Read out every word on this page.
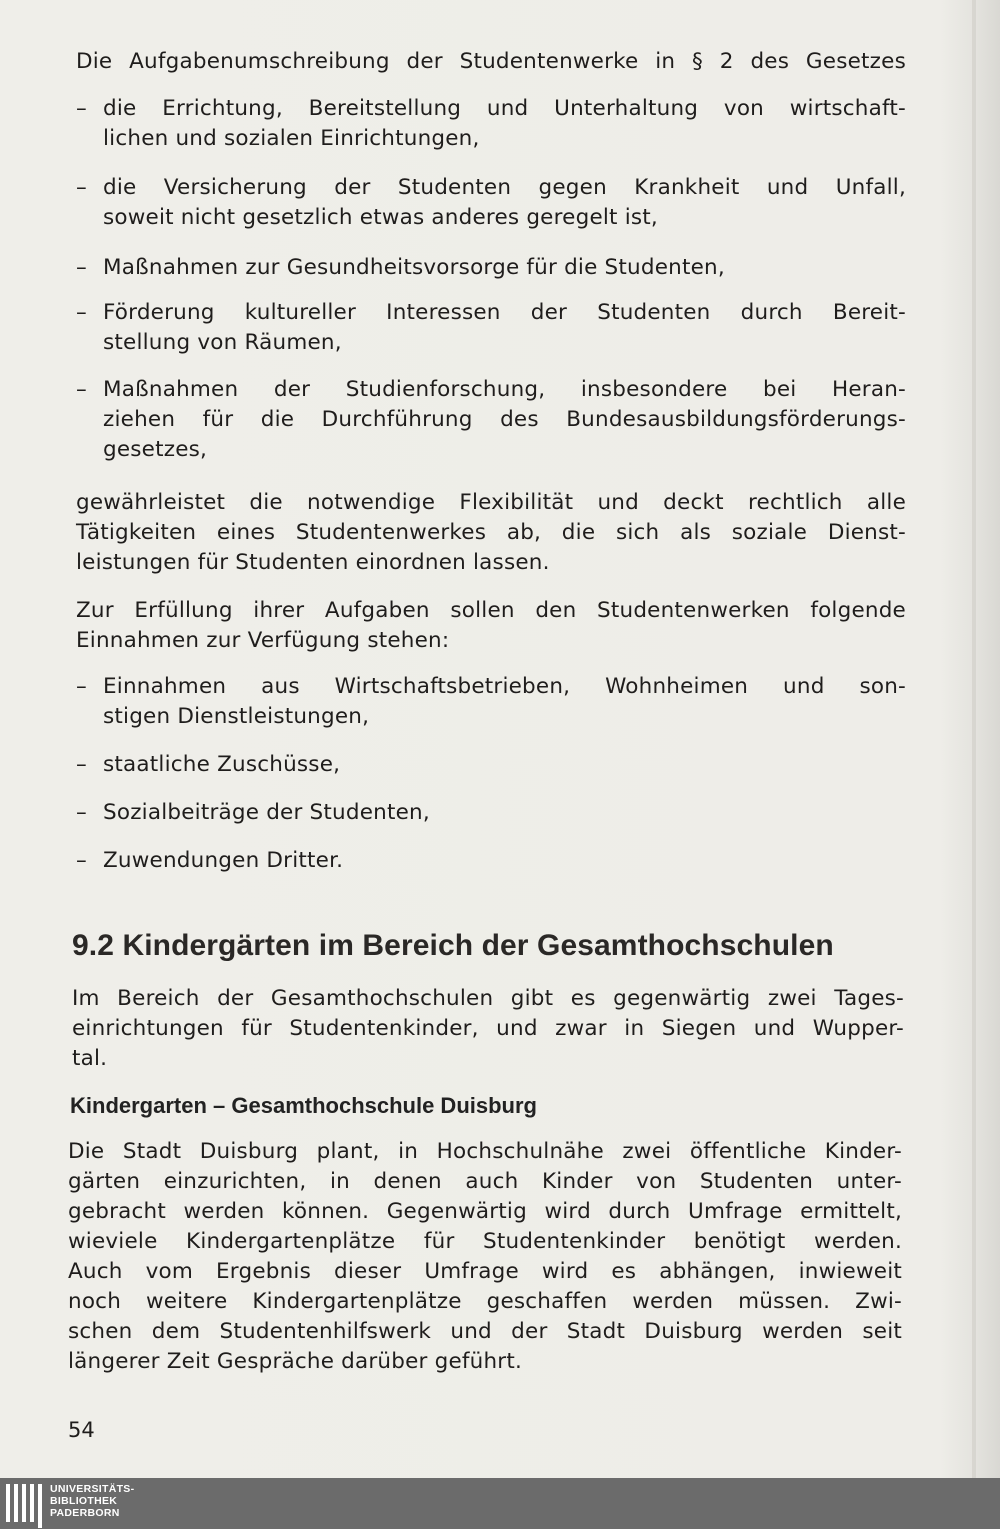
Die Aufgabenumschreibung der Studentenwerke in § 2 des Gesetzes
– die Errichtung, Bereitstellung und Unterhaltung von wirtschaft-
lichen und sozialen Einrichtungen,
– die Versicherung der Studenten gegen Krankheit und Unfall,
soweit nicht gesetzlich etwas anderes geregelt ist,
– Maßnahmen zur Gesundheitsvorsorge für die Studenten,
– Förderung kultureller Interessen der Studenten durch Bereit-
stellung von Räumen,
– Maßnahmen der Studienforschung, insbesondere bei Heran-
ziehen für die Durchführung des Bundesausbildungsförderungs-
gesetzes,
gewährleistet die notwendige Flexibilität und deckt rechtlich alle
Tätigkeiten eines Studentenwerkes ab, die sich als soziale Dienst-
leistungen für Studenten einordnen lassen.
Zur Erfüllung ihrer Aufgaben sollen den Studentenwerken folgende
Einnahmen zur Verfügung stehen:
– Einnahmen aus Wirtschaftsbetrieben, Wohnheimen und son-
stigen Dienstleistungen,
– staatliche Zuschüsse,
– Sozialbeiträge der Studenten,
– Zuwendungen Dritter.
9.2 Kindergärten im Bereich der Gesamthochschulen
Im Bereich der Gesamthochschulen gibt es gegenwärtig zwei Tages-
einrichtungen für Studentenkinder, und zwar in Siegen und Wupper-
tal.
Kindergarten – Gesamthochschule Duisburg
Die Stadt Duisburg plant, in Hochschulnähe zwei öffentliche Kinder-
gärten einzurichten, in denen auch Kinder von Studenten unter-
gebracht werden können. Gegenwärtig wird durch Umfrage ermittelt,
wieviele Kindergartenplätze für Studentenkinder benötigt werden.
Auch vom Ergebnis dieser Umfrage wird es abhängen, inwieweit
noch weitere Kindergartenplätze geschaffen werden müssen. Zwi-
schen dem Studentenhilfswerk und der Stadt Duisburg werden seit
längerer Zeit Gespräche darüber geführt.
54
UNIVERSITÄTS-
BIBLIOTHEK
PADERBORN
